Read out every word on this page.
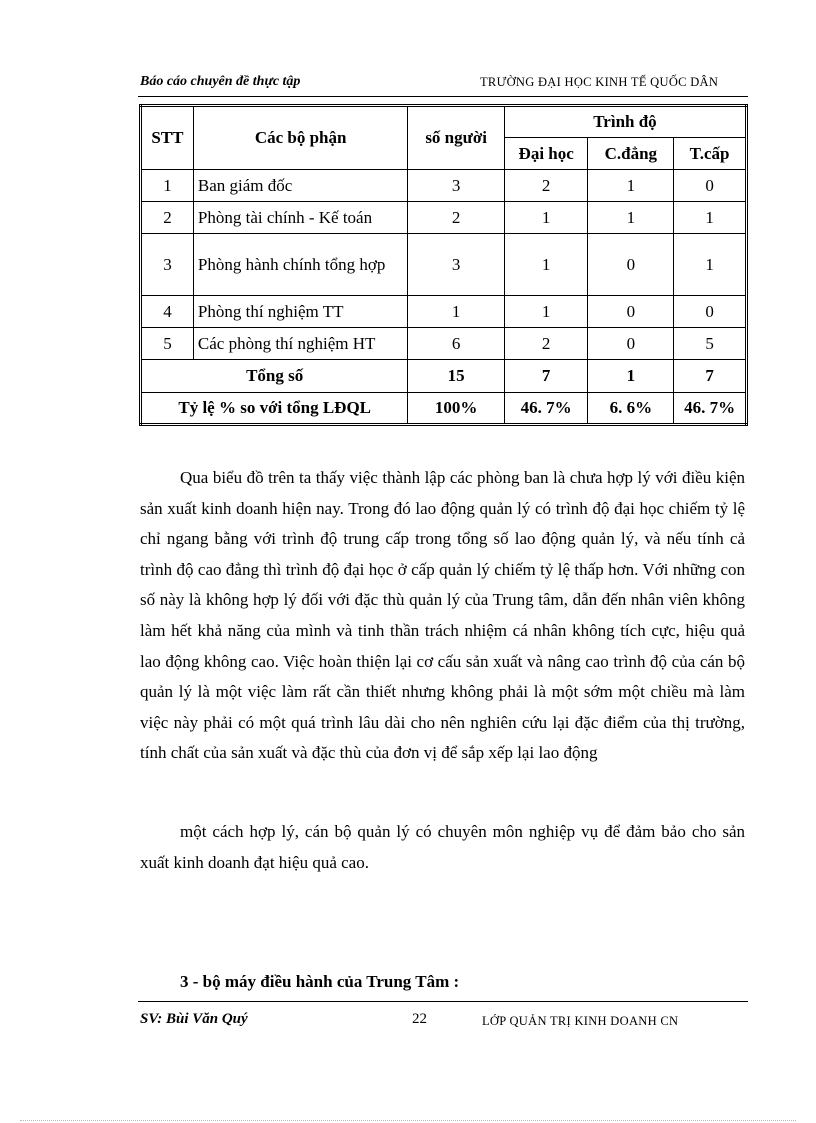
Báo cáo chuyên đề thực tập	TRƯỜNG ĐẠI HỌC KINH TẾ QUỐC DÂN
STT	Các bộ phận	số người	Trình độ		
			Đại học	C.đẳng	T.cấp
1	Ban giám đốc	3	2	1	0
2	Phòng tài chính - Kế toán	2	1	1	1
3	Phòng hành chính tổng hợp	3	1	0	1
4	Phòng thí nghiệm TT	1	1	0	0
5	Các phòng thí nghiệm HT	6	2	0	5
Tổng số		15	7	1	7
Tỷ lệ % so với tổng LĐQL		100%	46. 7%	6. 6%	46. 7%
Qua biểu đồ trên ta thấy việc thành lập các phòng ban là chưa hợp lý với điều kiện sản xuất kinh doanh hiện nay. Trong đó lao động quản lý có trình độ đại học chiếm tỷ lệ chỉ ngang bằng với trình độ trung cấp trong tổng số lao động quản lý, và nếu tính cả trình độ cao đẳng thì trình độ đại học ở cấp quản lý chiếm tỷ lệ thấp hơn. Với những con số này là không hợp lý đối với đặc thù quản lý của Trung tâm, dẫn đến nhân viên không làm hết khả năng của mình và tinh thần trách nhiệm cá nhân không tích cực, hiệu quả lao động không cao. Việc hoàn thiện lại cơ cấu sản xuất và nâng cao trình độ của cán bộ quản lý là một việc làm rất cần thiết nhưng không phải là một sớm một chiều mà làm việc này phải có một quá trình lâu dài cho nên nghiên cứu lại đặc điểm của thị trường, tính chất của sản xuất và đặc thù của đơn vị để sắp xếp lại lao động
một cách hợp lý, cán bộ quản lý có chuyên môn nghiệp vụ để đảm bảo cho sản xuất kinh doanh đạt hiệu quả cao.
3 - bộ máy điều hành của Trung Tâm :
SV: Bùi Văn Quý	22	LỚP QUẢN TRỊ KINH DOANH CN
